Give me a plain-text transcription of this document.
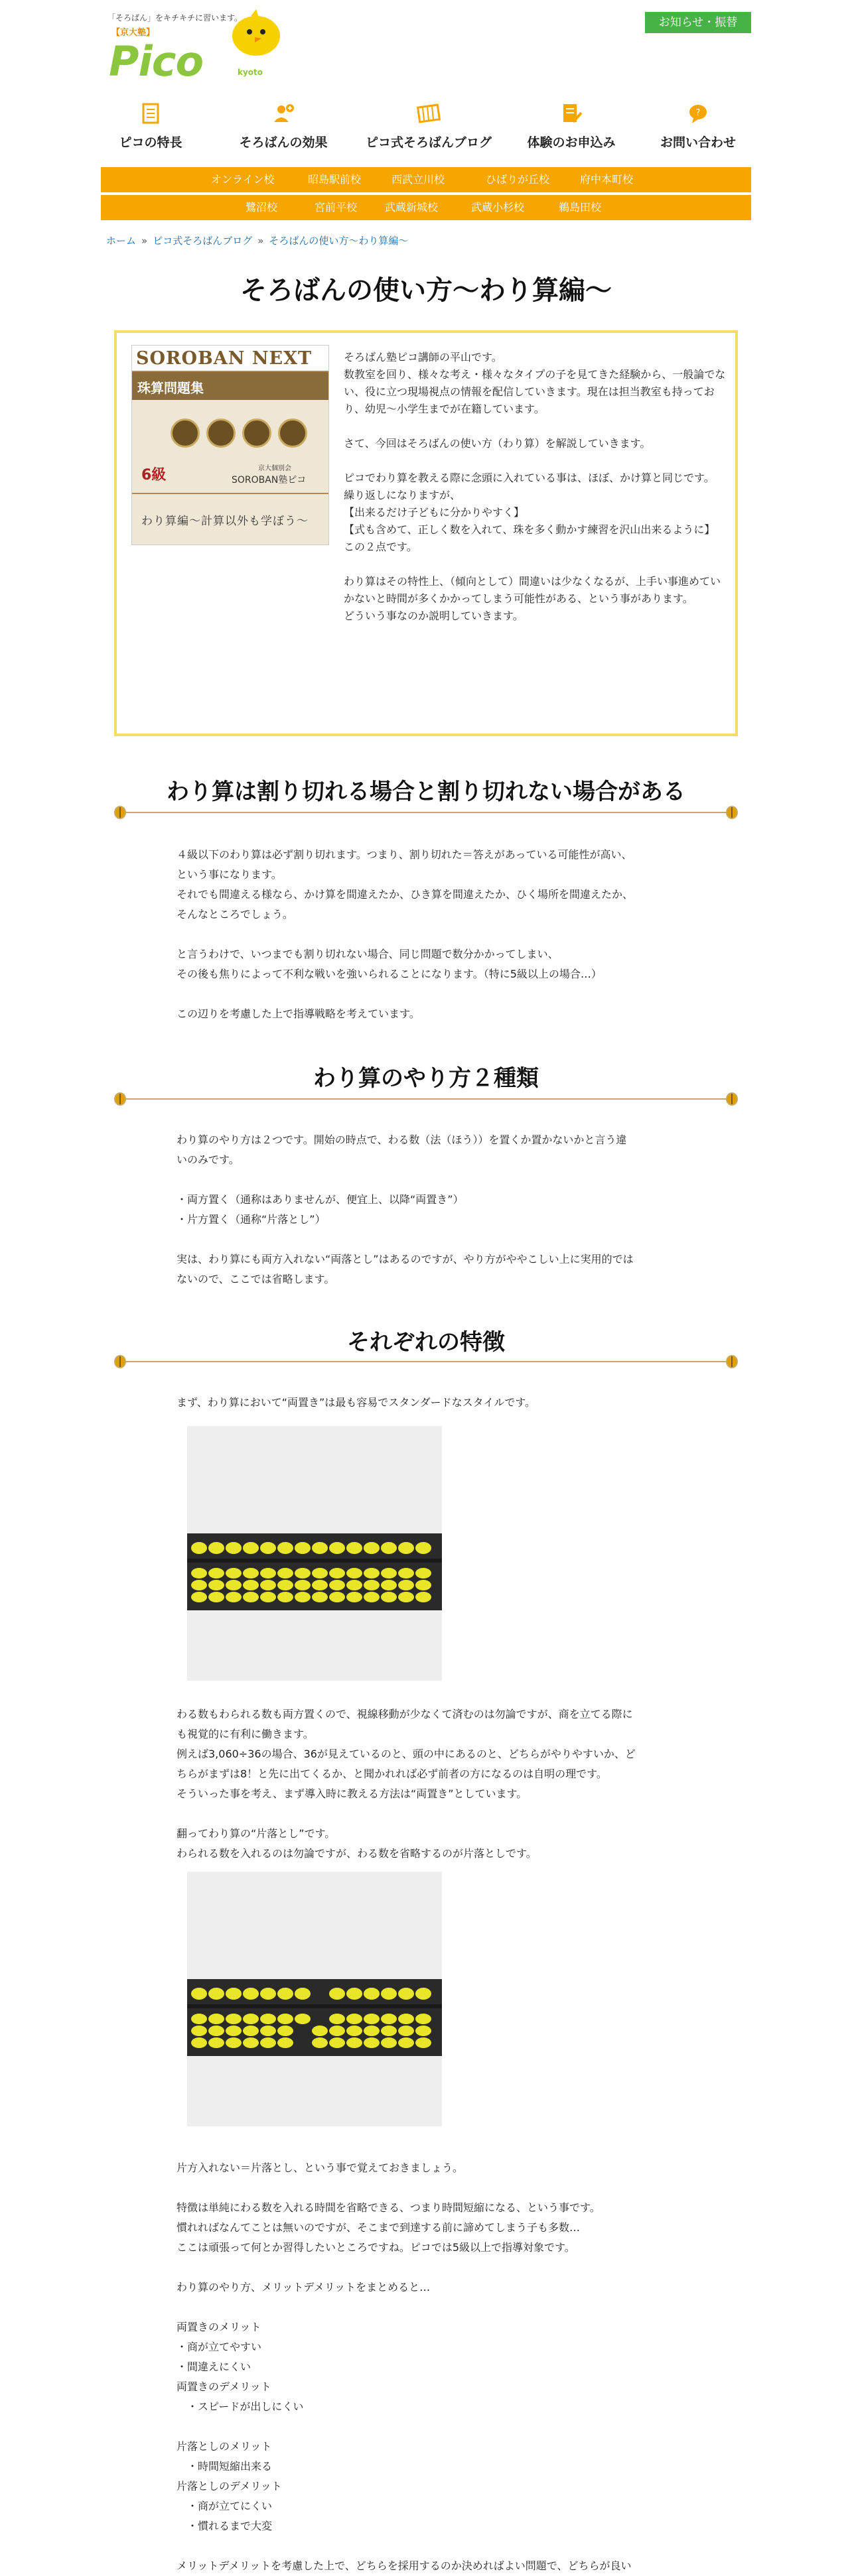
「そろばん」をキチキチに習います。
【京大塾】
Pico	kyoto
お知らせ・振替
ピコの特長	そろばんの効果	ピコ式そろばんブログ	体験のお申込み
?
お問い合わせ
オンライン校	昭島駅前校	西武立川校	ひばりが丘校	府中本町校
鷺沼校	宮前平校	武蔵新城校	武蔵小杉校	鵜島田校
ホーム » ピコ式そろばんブログ » そろばんの使い方〜わり算編〜
そろばんの使い方〜わり算編〜
SOROBAN NEXT
珠算問題集
6級	京大個別会
SOROBAN塾ピコ
わり算編〜計算以外も学ぼう〜

そろばん塾ピコ講師の平山です。
数教室を回り、様々な考え・様々なタイプの子を見てきた経験から、一般論でない、役に立つ現場視点の情報を配信していきます。現在は担当教室も持っており、幼児〜小学生までが在籍しています。

さて、今回はそろばんの使い方（わり算）を解説していきます。

ピコでわり算を教える際に念頭に入れている事は、ほぼ、かけ算と同じです。
繰り返しになりますが、
【出来るだけ子どもに分かりやすく】
【式も含めて、正しく数を入れて、珠を多く動かす練習を沢山出来るように】
この２点です。

わり算はその特性上、（傾向として）間違いは少なくなるが、上手い事進めていかないと時間が多くかかってしまう可能性がある、という事があります。
どういう事なのか説明していきます。

わり算は割り切れる場合と割り切れない場合がある
４級以下のわり算は必ず割り切れます。つまり、割り切れた＝答えがあっている可能性が高い、
という事になります。
それでも間違える様なら、かけ算を間違えたか、ひき算を間違えたか、ひく場所を間違えたか、
そんなところでしょう。

と言うわけで、いつまでも割り切れない場合、同じ問題で数分かかってしまい、
その後も焦りによって不利な戦いを強いられることになります。（特に5級以上の場合…）

この辺りを考慮した上で指導戦略を考えています。
わり算のやり方２種類
わり算のやり方は２つです。開始の時点で、わる数（法（ほう））を置くか置かないかと言う違
いのみです。

・両方置く（通称はありませんが、便宜上、以降“両置き”）
・片方置く（通称“片落とし”）

実は、わり算にも両方入れない“両落とし”はあるのですが、やり方がややこしい上に実用的では
ないので、ここでは省略します。
それぞれの特徴
まず、わり算において“両置き”は最も容易でスタンダードなスタイルです。
わる数もわられる数も両方置くので、視線移動が少なくて済むのは勿論ですが、商を立てる際に
も視覚的に有利に働きます。
例えば3,060÷36の場合、36が見えているのと、頭の中にあるのと、どちらがやりやすいか、ど
ちらがまずは8！と先に出てくるか、と聞かれれば必ず前者の方になるのは自明の理です。
そういった事を考え、まず導入時に教える方法は“両置き”としています。

翻ってわり算の“片落とし”です。
わられる数を入れるのは勿論ですが、わる数を省略するのが片落としです。
片方入れない＝片落とし、という事で覚えておきましょう。

特徴は単純にわる数を入れる時間を省略できる、つまり時間短縮になる、という事です。
慣れればなんてことは無いのですが、そこまで到達する前に諦めてしまう子も多数…
ここは頑張って何とか習得したいところですね。ピコでは5級以上で指導対象です。

わり算のやり方、メリットデメリットをまとめると…

両置きのメリット
・商が立てやすい
・間違えにくい
両置きのデメリット
　・スピードが出しにくい

片落としのメリット
　・時間短縮出来る
片落としのデメリット
　・商が立てにくい
　・慣れるまで大変

メリットデメリットを考慮した上で、どちらを採用するのか決めればよい問題で、どちらが良い
